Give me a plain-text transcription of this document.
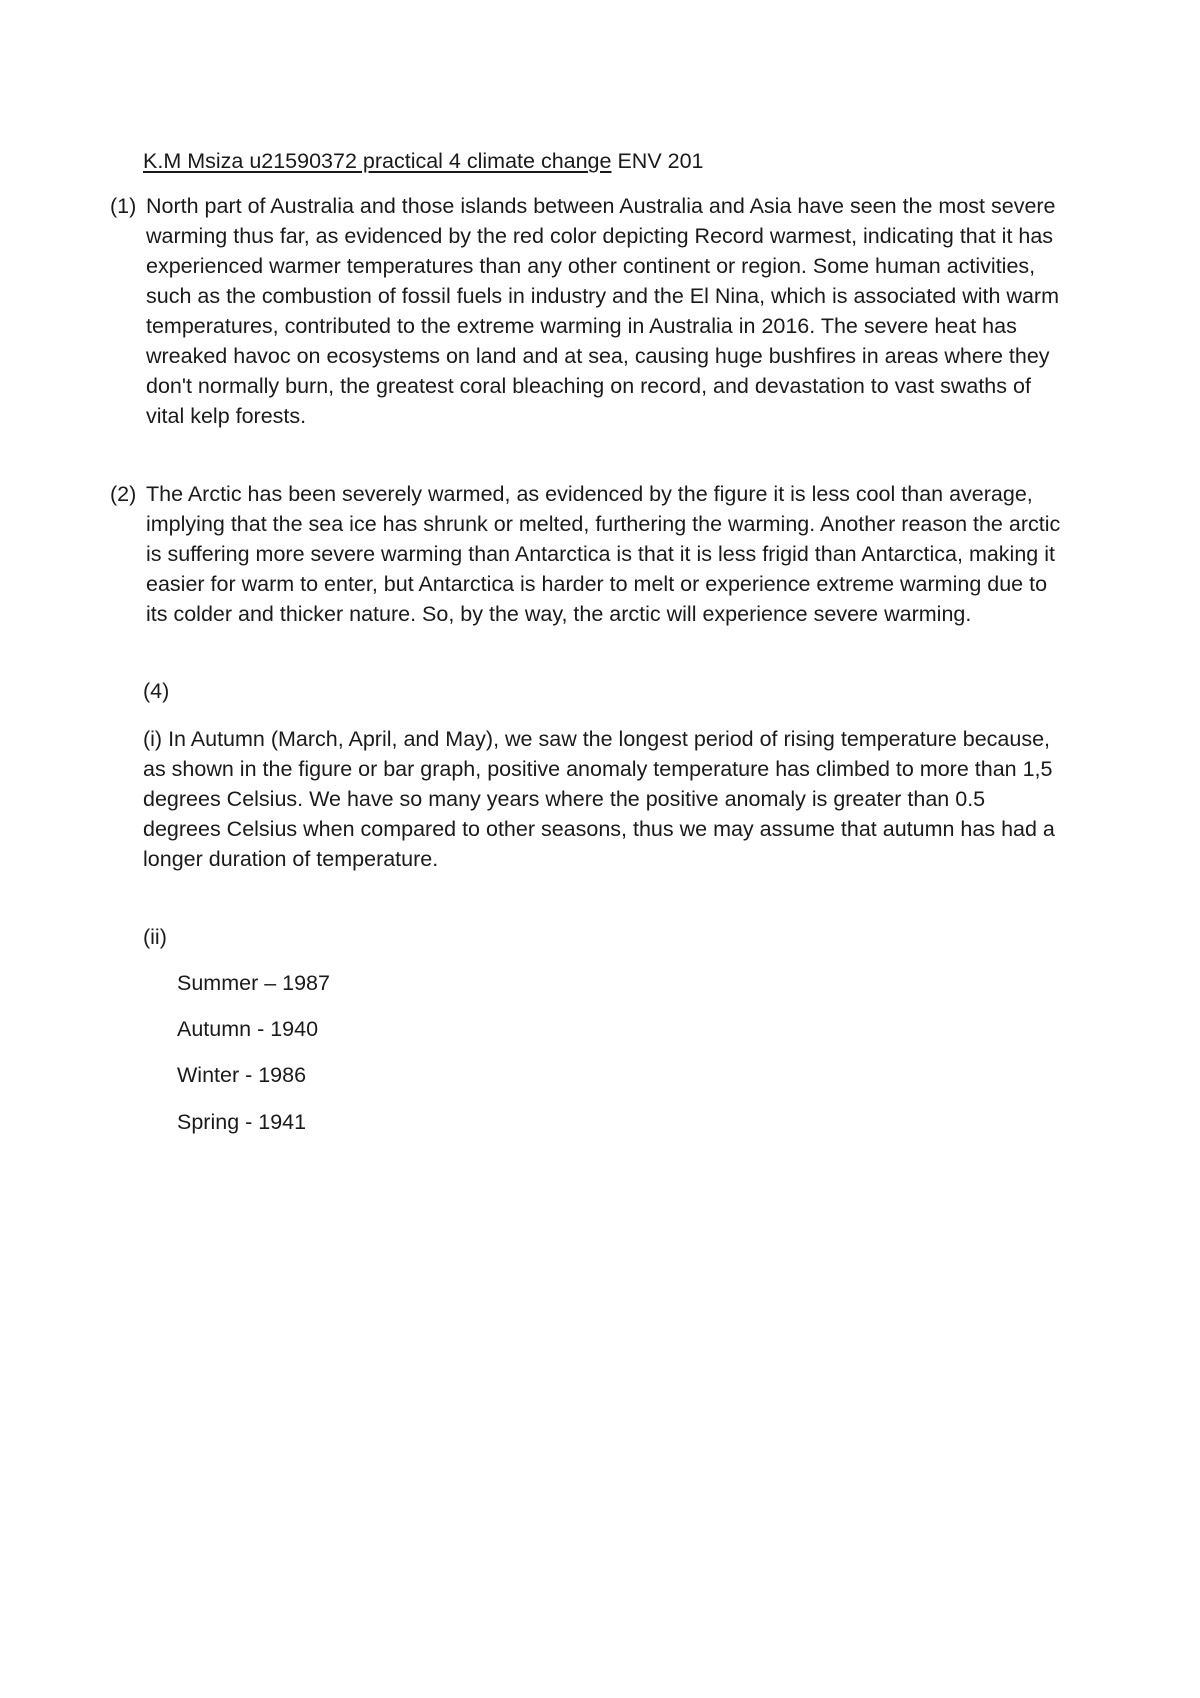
K.M Msiza u21590372 practical 4 climate change ENV 201
(1) North part of Australia and those islands between Australia and Asia have seen the most severe warming thus far, as evidenced by the red color depicting Record warmest, indicating that it has experienced warmer temperatures than any other continent or region. Some human activities, such as the combustion of fossil fuels in industry and the El Nina, which is associated with warm temperatures, contributed to the extreme warming in Australia in 2016. The severe heat has wreaked havoc on ecosystems on land and at sea, causing huge bushfires in areas where they don't normally burn, the greatest coral bleaching on record, and devastation to vast swaths of vital kelp forests.

(2) The Arctic has been severely warmed, as evidenced by the figure it is less cool than average, implying that the sea ice has shrunk or melted, furthering the warming. Another reason the arctic is suffering more severe warming than Antarctica is that it is less frigid than Antarctica, making it easier for warm to enter, but Antarctica is harder to melt or experience extreme warming due to its colder and thicker nature. So, by the way, the arctic will experience severe warming.

(4)

(i) In Autumn (March, April, and May), we saw the longest period of rising temperature because, as shown in the figure or bar graph, positive anomaly temperature has climbed to more than 1,5 degrees Celsius. We have so many years where the positive anomaly is greater than 0.5 degrees Celsius when compared to other seasons, thus we may assume that autumn has had a longer duration of temperature.

(ii)

Summer – 1987

Autumn - 1940

Winter - 1986

Spring - 1941
